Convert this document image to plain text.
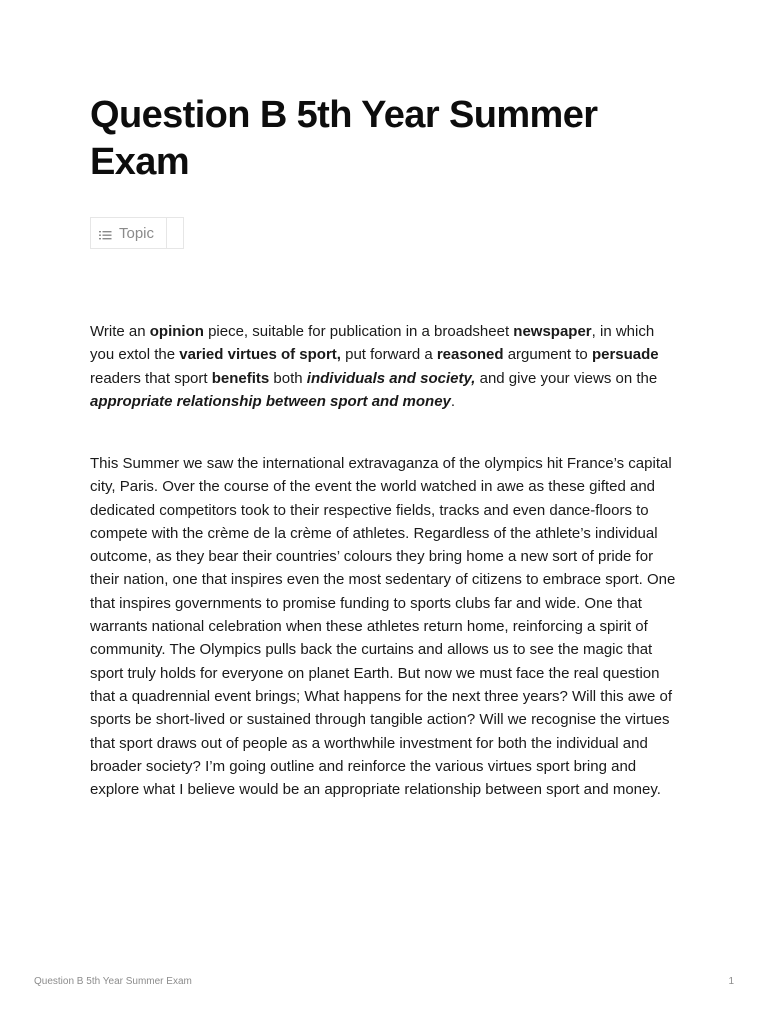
Question B 5th Year Summer Exam
Topic

Write an opinion piece, suitable for publication in a broadsheet newspaper, in which you extol the varied virtues of sport, put forward a reasoned argument to persuade readers that sport benefits both individuals and society, and give your views on the appropriate relationship between sport and money.

This Summer we saw the international extravaganza of the olympics hit France’s capital city, Paris. Over the course of the event the world watched in awe as these gifted and dedicated competitors took to their respective fields, tracks and even dance-floors to compete with the crème de la crème of athletes. Regardless of the athlete’s individual outcome, as they bear their countries’ colours they bring home a new sort of pride for their nation, one that inspires even the most sedentary of citizens to embrace sport. One that inspires governments to promise funding to sports clubs far and wide. One that warrants national celebration when these athletes return home, reinforcing a spirit of community. The Olympics pulls back the curtains and allows us to see the magic that sport truly holds for everyone on planet Earth. But now we must face the real question that a quadrennial event brings; What happens for the next three years? Will this awe of sports be short-lived or sustained through tangible action? Will we recognise the virtues that sport draws out of people as a worthwhile investment for both the individual and broader society? I’m going outline and reinforce the various virtues sport bring and explore what I believe would be an appropriate relationship between sport and money.

Question B 5th Year Summer Exam	1
